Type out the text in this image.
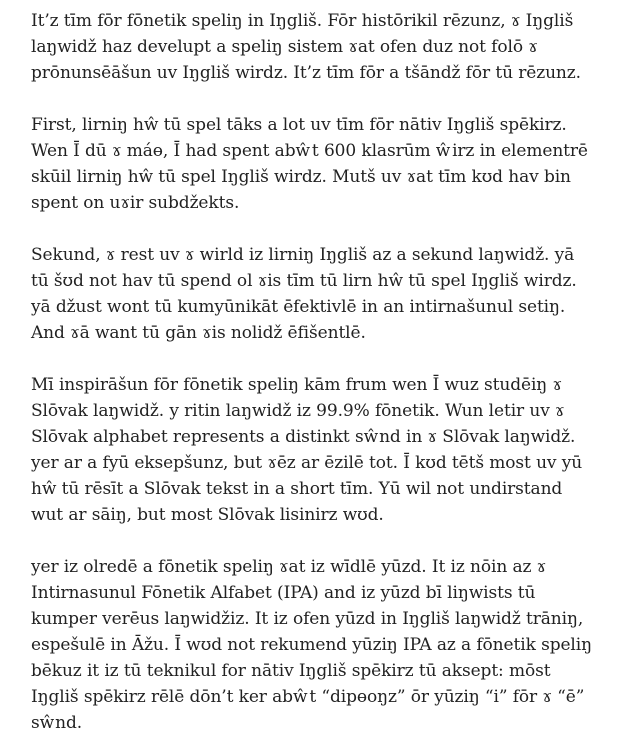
It’z tīm fōr fōnetik speliŋ in Iŋgliš. Fōr histōrikil rēzunz, ɤ Iŋgliš laŋwidž haz develupt a speliŋ sistem ɤat ofen duz not folō ɤ prōnunsēāšun uv Iŋgliš wirdz. It’z tīm fōr a tšāndž fōr tū rēzunz.

First, lirniŋ hŵ tū spel tāks a lot uv tīm fōr nātiv Iŋgliš spēkirz. Wen Ī dū ɤ máɵ, Ī had spent abŵt 600 klasrūm ŵirz in elementrē skūil lirniŋ hŵ tū spel Iŋgliš wirdz. Mutš uv ɤat tīm kʊd hav bin spent on uɤir subdžekts.

Sekund, ɤ rest uv ɤ wirld iz lirniŋ Iŋgliš az a sekund laŋwidž. yā tū šʊd not hav tū spend ol ɤis tīm tū lirn hŵ tū spel Iŋgliš wirdz. yā džust wont tū kumyūnikāt ēfektivlē in an intirnašunul setiŋ. And ɤā want tū gān ɤis nolidž ēfišentlē.

Mī inspirāšun fōr fōnetik speliŋ kām frum wen Ī wuz studēiŋ ɤ Slōvak laŋwidž. y ritin laŋwidž iz 99.9% fōnetik. Wun letir uv ɤ Slōvak alphabet represents a distinkt sŵnd in ɤ Slōvak laŋwidž. yer ar a fyū eksepšunz, but ɤēz ar ēzilē tot. Ī kʊd tētš most uv yū hŵ tū rēsīt a Slōvak tekst in a short tīm. Yū wil not undirstand wut ar sāiŋ, but most Slōvak lisinirz wʊd.

yer iz olredē a fōnetik speliŋ ɤat iz wīdlē yūzd. It iz nōin az ɤ Intirnasunul Fōnetik Alfabet (IPA) and iz yūzd bī liŋwists tū kumper verēus laŋwidžiz. It iz ofen yūzd in Iŋgliš laŋwidž trāniŋ, espešulē in Āžu. Ī wʊd not rekumend yūziŋ IPA az a fōnetik speliŋ bēkuz it iz tū teknikul for nātiv Iŋgliš spēkirz tū aksept: mōst Iŋgliš spēkirz rēlē dōn’t ker abŵt “dipɵoŋz” ōr yūziŋ “i” fōr ɤ “ē” sŵnd.
